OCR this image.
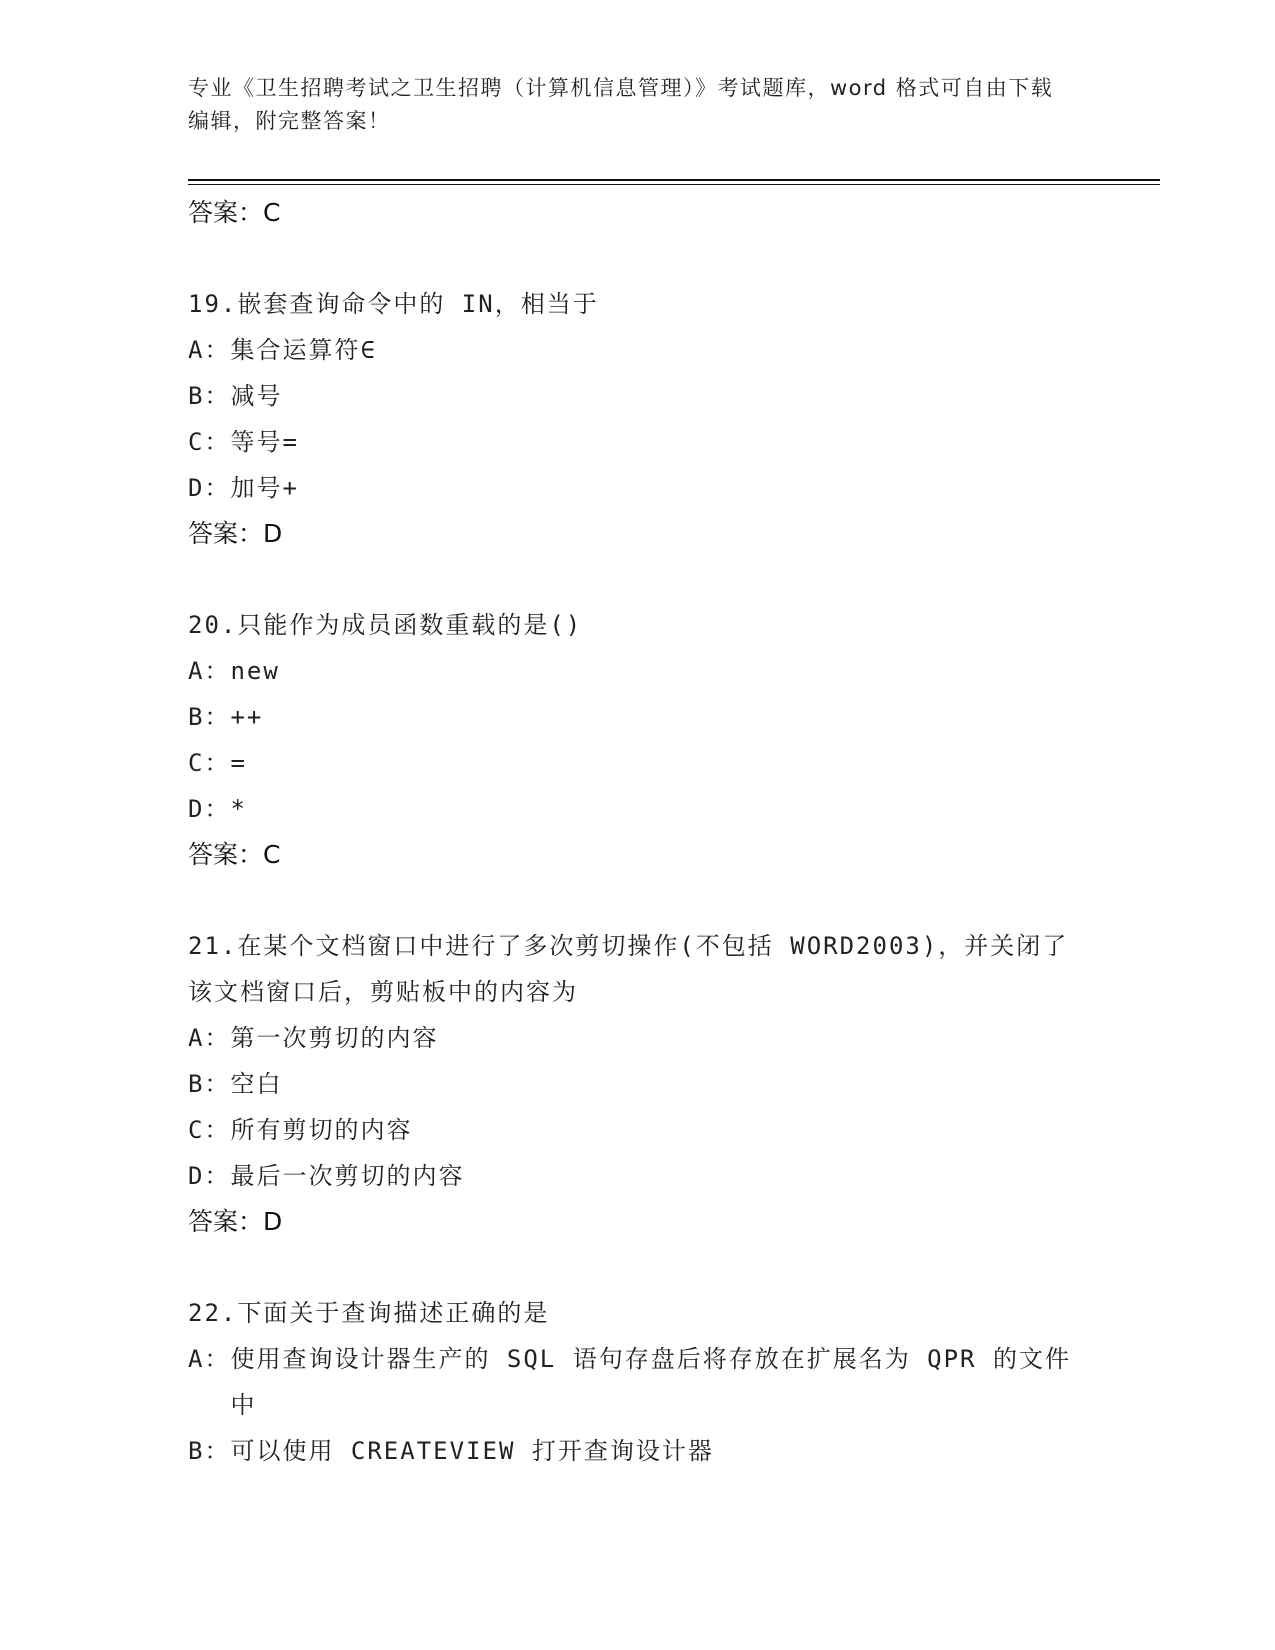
专业《卫生招聘考试之卫生招聘（计算机信息管理）》考试题库，word 格式可自由下载编辑，附完整答案！
答案：C
19.嵌套查询命令中的 IN，相当于
A： 集合运算符∈
B： 减号
C： 等号=
D： 加号+
答案：D
20.只能作为成员函数重载的是()
A： new
B： ++
C： =
D： *
答案：C
21.在某个文档窗口中进行了多次剪切操作(不包括 WORD2003)，并关闭了该文档窗口后，剪贴板中的内容为
A： 第一次剪切的内容
B： 空白
C： 所有剪切的内容
D： 最后一次剪切的内容
答案：D
22.下面关于查询描述正确的是
A： 使用查询设计器生产的 SQL 语句存盘后将存放在扩展名为 QPR 的文件中
B： 可以使用 CREATEVIEW 打开查询设计器
